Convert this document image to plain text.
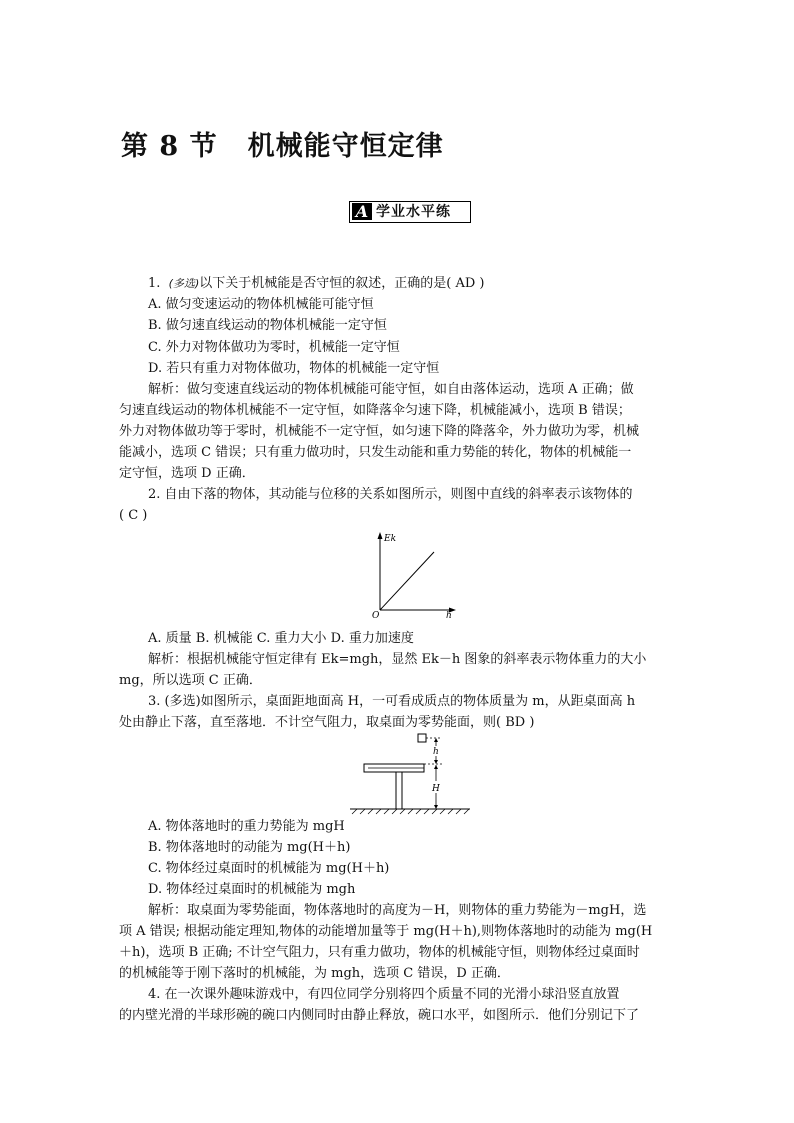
第 8 节 机械能守恒定律
A 学业水平练
1. (多选)以下关于机械能是否守恒的叙述，正确的是( AD )
A. 做匀变速运动的物体机械能可能守恒
B. 做匀速直线运动的物体机械能一定守恒
C. 外力对物体做功为零时，机械能一定守恒
D. 若只有重力对物体做功，物体的机械能一定守恒
解析：做匀变速直线运动的物体机械能可能守恒，如自由落体运动，选项 A 正确；做
匀速直线运动的物体机械能不一定守恒，如降落伞匀速下降，机械能减小，选项 B 错误；
外力对物体做功等于零时，机械能不一定守恒，如匀速下降的降落伞，外力做功为零，机械
能减小，选项 C 错误；只有重力做功时，只发生动能和重力势能的转化，物体的机械能一
定守恒，选项 D 正确．
2. 自由下落的物体，其动能与位移的关系如图所示，则图中直线的斜率表示该物体的
( C )
Ek
O	h
A. 质量 B. 机械能 C. 重力大小 D. 重力加速度
解析：根据机械能守恒定律有 Ek=mgh，显然 Ek－h 图象的斜率表示物体重力的大小
mg，所以选项 C 正确．
3. (多选)如图所示，桌面距地面高 H，一可看成质点的物体质量为 m，从距桌面高 h
处由静止下落，直至落地．不计空气阻力，取桌面为零势能面，则( BD )
h
H
A. 物体落地时的重力势能为 mgH
B. 物体落地时的动能为 mg(H＋h)
C. 物体经过桌面时的机械能为 mg(H＋h)
D. 物体经过桌面时的机械能为 mgh
解析：取桌面为零势能面，物体落地时的高度为－H，则物体的重力势能为－mgH，选
项 A 错误; 根据动能定理知,物体的动能增加量等于 mg(H＋h),则物体落地时的动能为 mg(H
＋h)，选项 B 正确; 不计空气阻力，只有重力做功，物体的机械能守恒，则物体经过桌面时
的机械能等于刚下落时的机械能，为 mgh，选项 C 错误，D 正确．
4. 在一次课外趣味游戏中，有四位同学分别将四个质量不同的光滑小球沿竖直放置
的内壁光滑的半球形碗的碗口内侧同时由静止释放，碗口水平，如图所示．他们分别记下了
